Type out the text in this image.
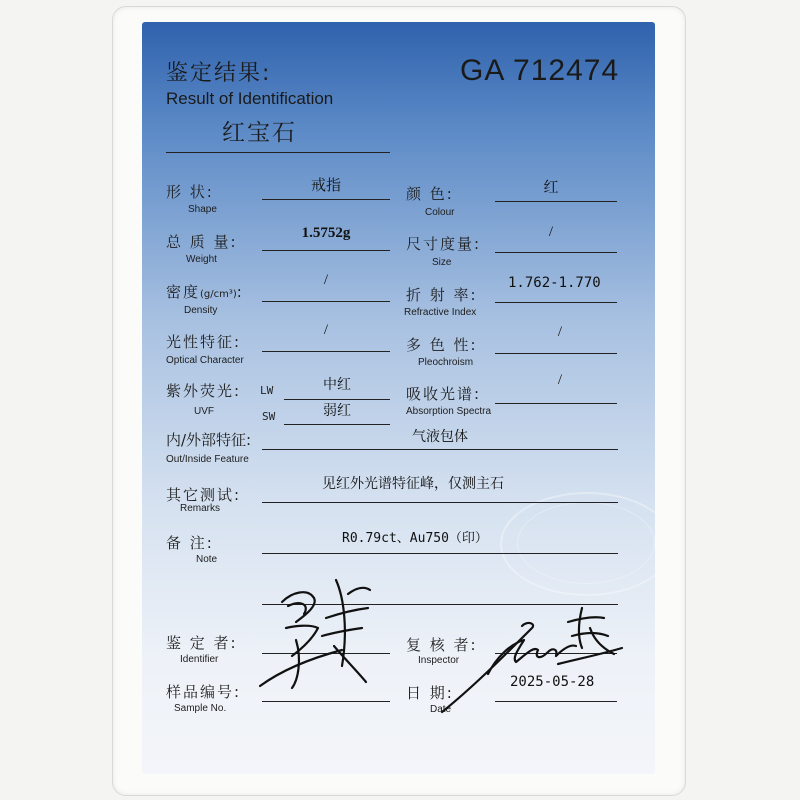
鉴定结果:
Result of Identification
GA 712474
红宝石
形 状:
Shape
戒指	颜 色:
Colour
红
总 质 量:
Weight
1.5752g
尺寸度量:
Size
/
密度(g/cm³):
Density
/
折 射 率:
Refractive Index
1.762-1.770
光性特征:
Optical Character
/
多 色 性:
Pleochroism
/
紫外荧光:
UVF
LW	中红
SW	弱红
吸收光谱:
Absorption Spectra
/
内/外部特征:
Out/Inside Feature
气液包体
其它测试:
Remarks
见红外光谱特征峰，仅测主石
备 注:
Note
R0.79ct、Au750（印）
鉴 定 者:
Identifier
复 核 者:
Inspector
样品编号:
Sample No.
日 期:
Date
2025-05-28
